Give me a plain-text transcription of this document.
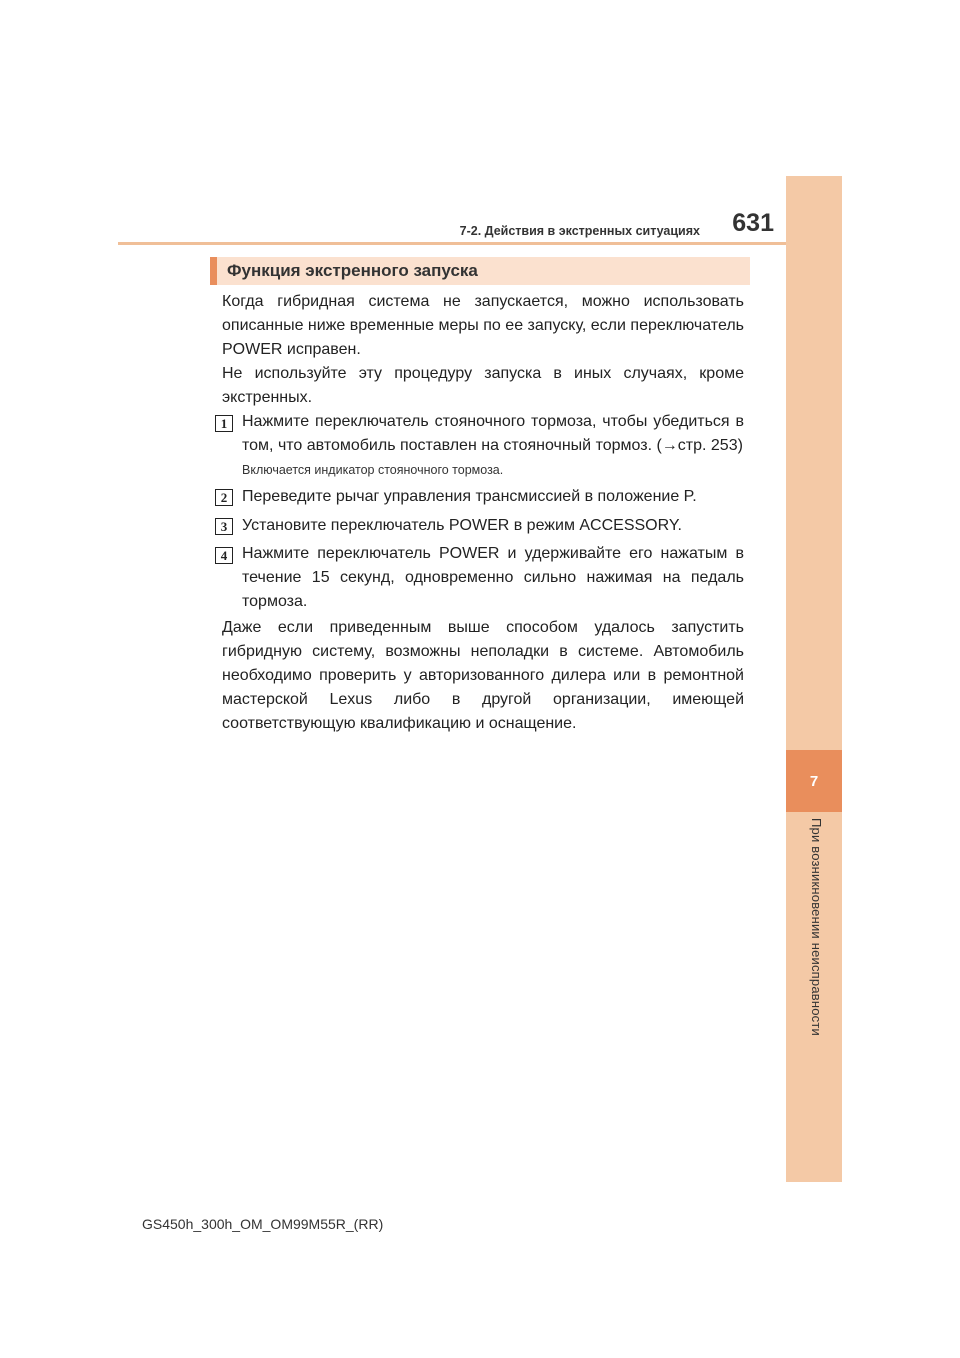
7
При возникновении неисправности
7-2. Действия в экстренных ситуациях	631
Функция экстренного запуска

Когда гибридная система не запускается, можно использовать описанные ниже временные меры по ее запуску, если переключатель POWER исправен.

Не используйте эту процедуру запуска в иных случаях, кроме экстренных.

1 Нажмите переключатель стояночного тормоза, чтобы убедиться в том, что автомобиль поставлен на стояночный тормоз. (→стр. 253)

Включается индикатор стояночного тормоза.

2 Переведите рычаг управления трансмиссией в положение P.

3 Установите переключатель POWER в режим ACCESSORY.

4 Нажмите переключатель POWER и удерживайте его нажатым в течение 15 секунд, одновременно сильно нажимая на педаль тормоза.

Даже если приведенным выше способом удалось запустить гибридную систему, возможны неполадки в системе. Автомобиль необходимо проверить у авторизованного дилера или в ремонтной мастерской Lexus либо в другой организации, имеющей соответствующую квалификацию и оснащение.

GS450h_300h_OM_OM99M55R_(RR)
